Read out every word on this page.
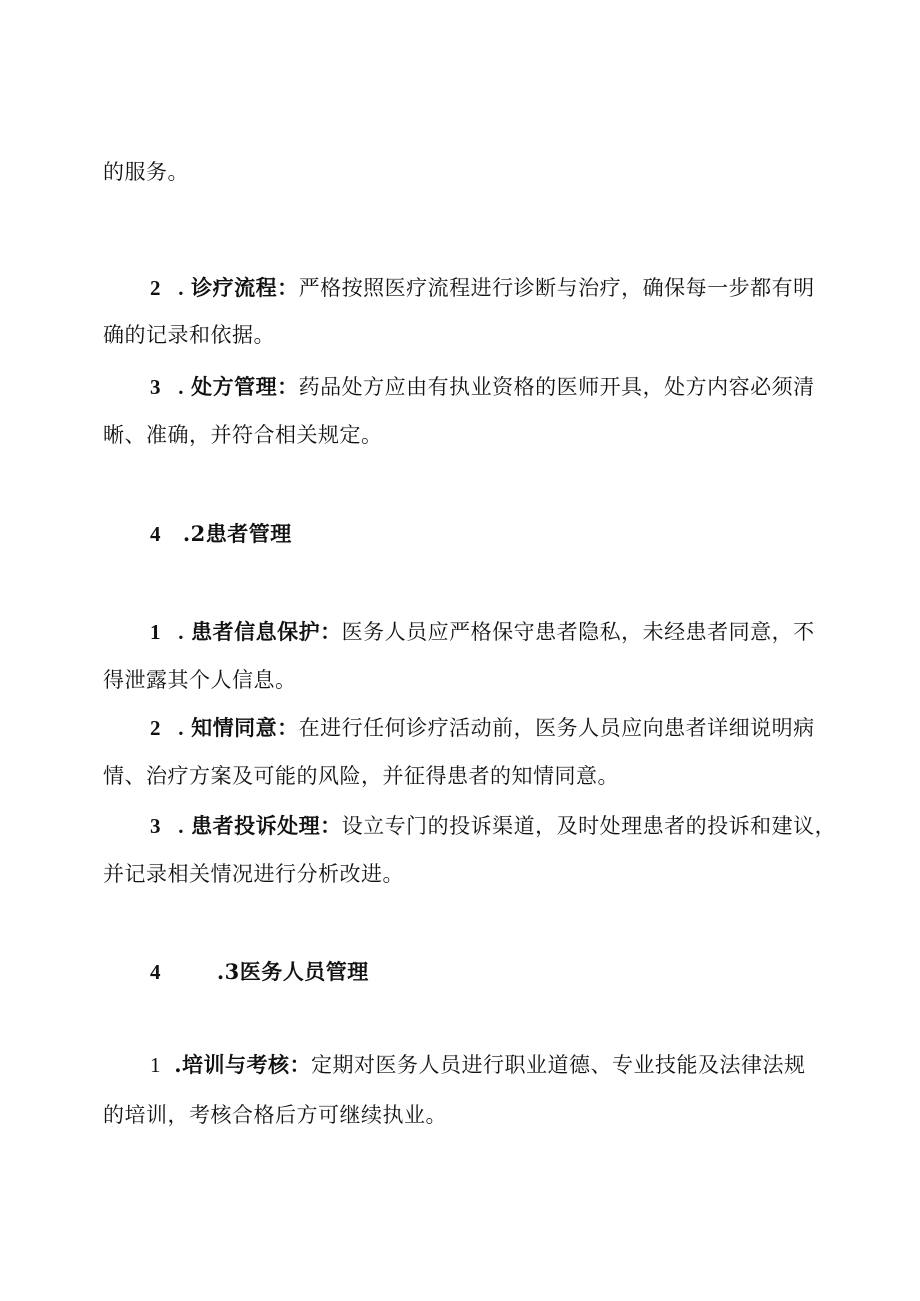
的服务。
2 . 诊疗流程：严格按照医疗流程进行诊断与治疗，确保每一步都有明
确的记录和依据。
3 . 处方管理：药品处方应由有执业资格的医师开具，处方内容必须清
晰、准确，并符合相关规定。
4 .2患者管理
1 . 患者信息保护：医务人员应严格保守患者隐私，未经患者同意，不
得泄露其个人信息。
2 . 知情同意：在进行任何诊疗活动前，医务人员应向患者详细说明病
情、治疗方案及可能的风险，并征得患者的知情同意。
3 . 患者投诉处理：设立专门的投诉渠道，及时处理患者的投诉和建议，
并记录相关情况进行分析改进。
4	.3医务人员管理
1 .培训与考核：定期对医务人员进行职业道德、专业技能及法律法规
的培训，考核合格后方可继续执业。
